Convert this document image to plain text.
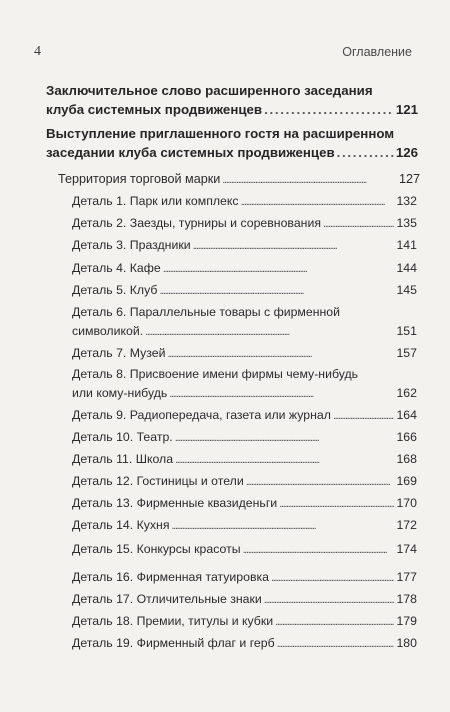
4	Оглавление
Заключительное слово расширенного заседания
клуба системных продвиженцев . . .	121
Выступление приглашенного гостя на расширенном
заседании клуба системных продвиженцев . . .	126
Территория торговой марки . . .	127
Деталь 1. Парк или комплекс . . .	132
Деталь 2. Заезды, турниры и соревнования . . .	135
Деталь 3. Праздники . . .	141
Деталь 4. Кафе . . .	144
Деталь 5. Клуб . . .	145
Деталь 6. Параллельные товары с фирменной
символикой. . . .	151
Деталь 7. Музей . . .	157
Деталь 8. Присвоение имени фирмы чему-нибудь
или кому-нибудь . . .	162
Деталь 9. Радиопередача, газета или журнал . . .	164
Деталь 10. Театр. . . .	166
Деталь 11. Школа . . .	168
Деталь 12. Гостиницы и отели . . .	169
Деталь 13. Фирменные квазиденьги . . .	170
Деталь 14. Кухня . . .	172
Деталь 15. Конкурсы красоты . . .	174
Деталь 16. Фирменная татуировка . . .	177
Деталь 17. Отличительные знаки . . .	178
Деталь 18. Премии, титулы и кубки . . .	179
Деталь 19. Фирменный флаг и герб . . .	180
